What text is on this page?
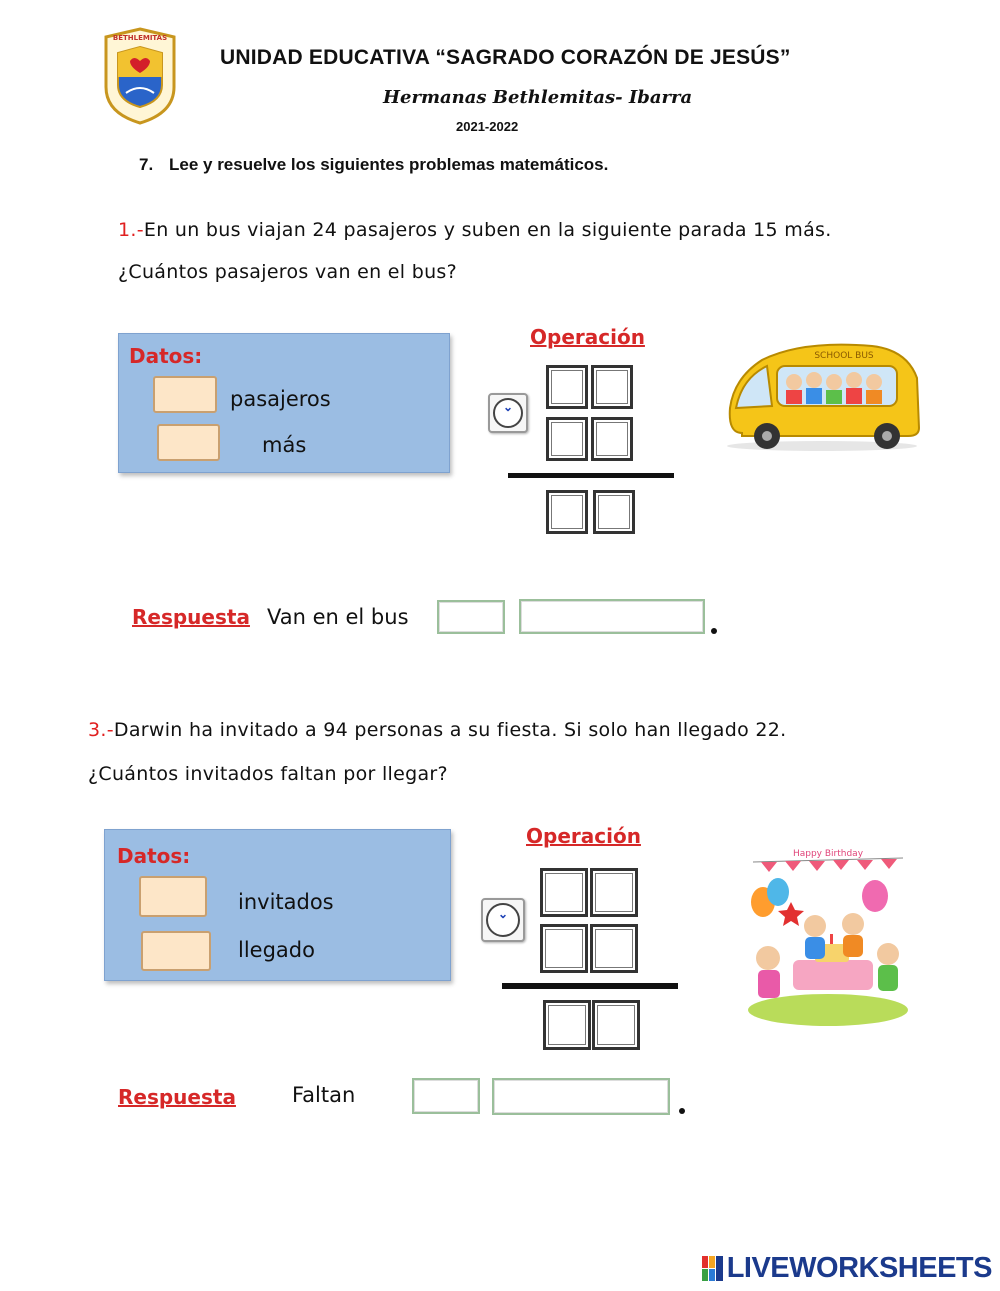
BETHLEMITAS
UNIDAD EDUCATIVA “SAGRADO CORAZÓN DE JESÚS”
Hermanas Bethlemitas- Ibarra
2021-2022
7. Lee y resuelve los siguientes problemas matemáticos.
1.-En un bus viajan 24 pasajeros y suben en la siguiente parada 15 más.
¿Cuántos pasajeros van en el bus?
Datos:
pasajeros
más
Operación
⌄
SCHOOL BUS
Respuesta Van en el bus
3.-Darwin ha invitado a 94 personas a su fiesta. Si solo han llegado 22.
¿Cuántos invitados faltan por llegar?
Datos:
invitados
llegado
Operación
⌄
Happy Birthday
Respuesta	Faltan
LIVEWORKSHEETS
